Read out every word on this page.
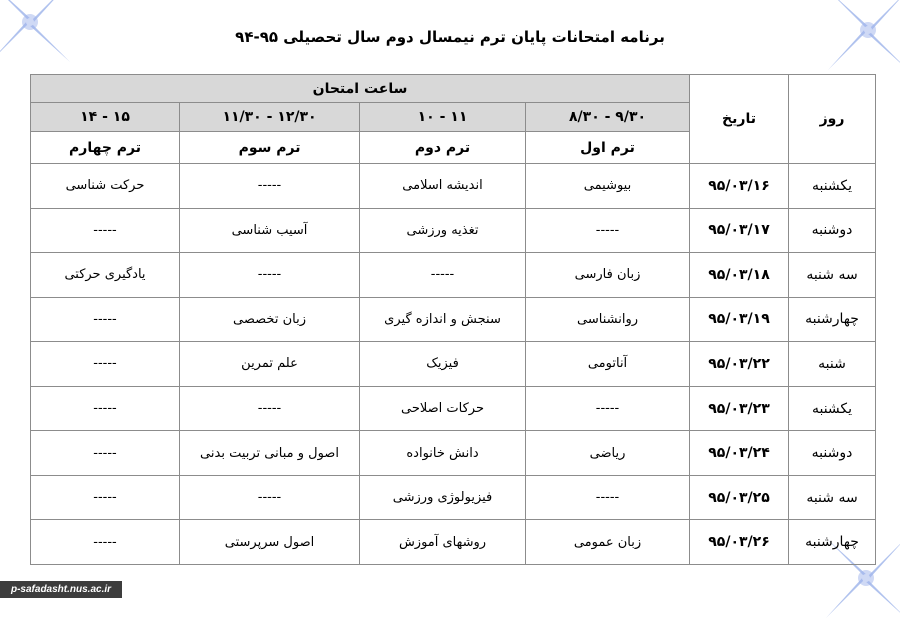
برنامه امتحانات پایان ترم نیمسال دوم سال تحصیلی ۹۵-۹۴
روز	تاریخ	ساعت امتحان			
		۹/۳۰ - ۸/۳۰	۱۱ - ۱۰	۱۲/۳۰ - ۱۱/۳۰	۱۵ - ۱۴
		ترم اول	ترم دوم	ترم سوم	ترم چهارم
یکشنبه	۹۵/۰۳/۱۶	بیوشیمی	اندیشه اسلامی	-----	حرکت شناسی
دوشنبه	۹۵/۰۳/۱۷	-----	تغذیه ورزشی	آسیب شناسی	-----
سه شنبه	۹۵/۰۳/۱۸	زبان فارسی	-----	-----	یادگیری حرکتی
چهارشنبه	۹۵/۰۳/۱۹	روانشناسی	سنجش و اندازه گیری	زبان تخصصی	-----
شنبه	۹۵/۰۳/۲۲	آناتومی	فیزیک	علم تمرین	-----
یکشنبه	۹۵/۰۳/۲۳	-----	حرکات اصلاحی	-----	-----
دوشنبه	۹۵/۰۳/۲۴	ریاضی	دانش خانواده	اصول و مبانی تربیت بدنی	-----
سه شنبه	۹۵/۰۳/۲۵	-----	فیزیولوژی ورزشی	-----	-----
چهارشنبه	۹۵/۰۳/۲۶	زبان عمومی	روشهای آموزش	اصول سرپرستی	-----
p-safadasht.nus.ac.ir
